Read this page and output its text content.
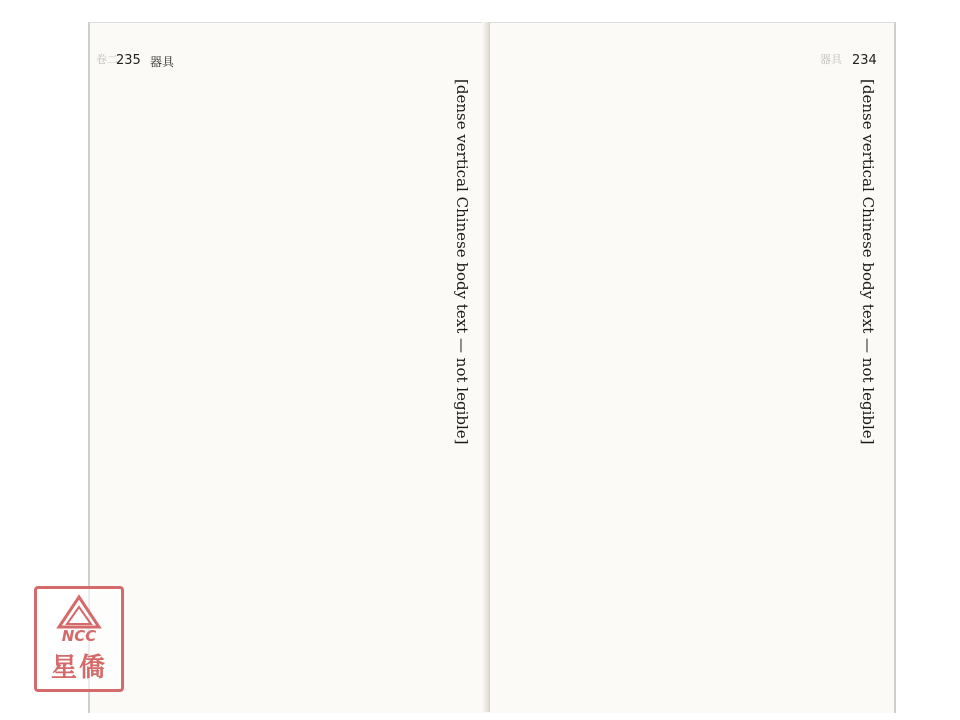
235 器具
卷二
[dense vertical Chinese body text — not legible]
器具 234
[dense vertical Chinese body text — not legible]
NCC
星僑
